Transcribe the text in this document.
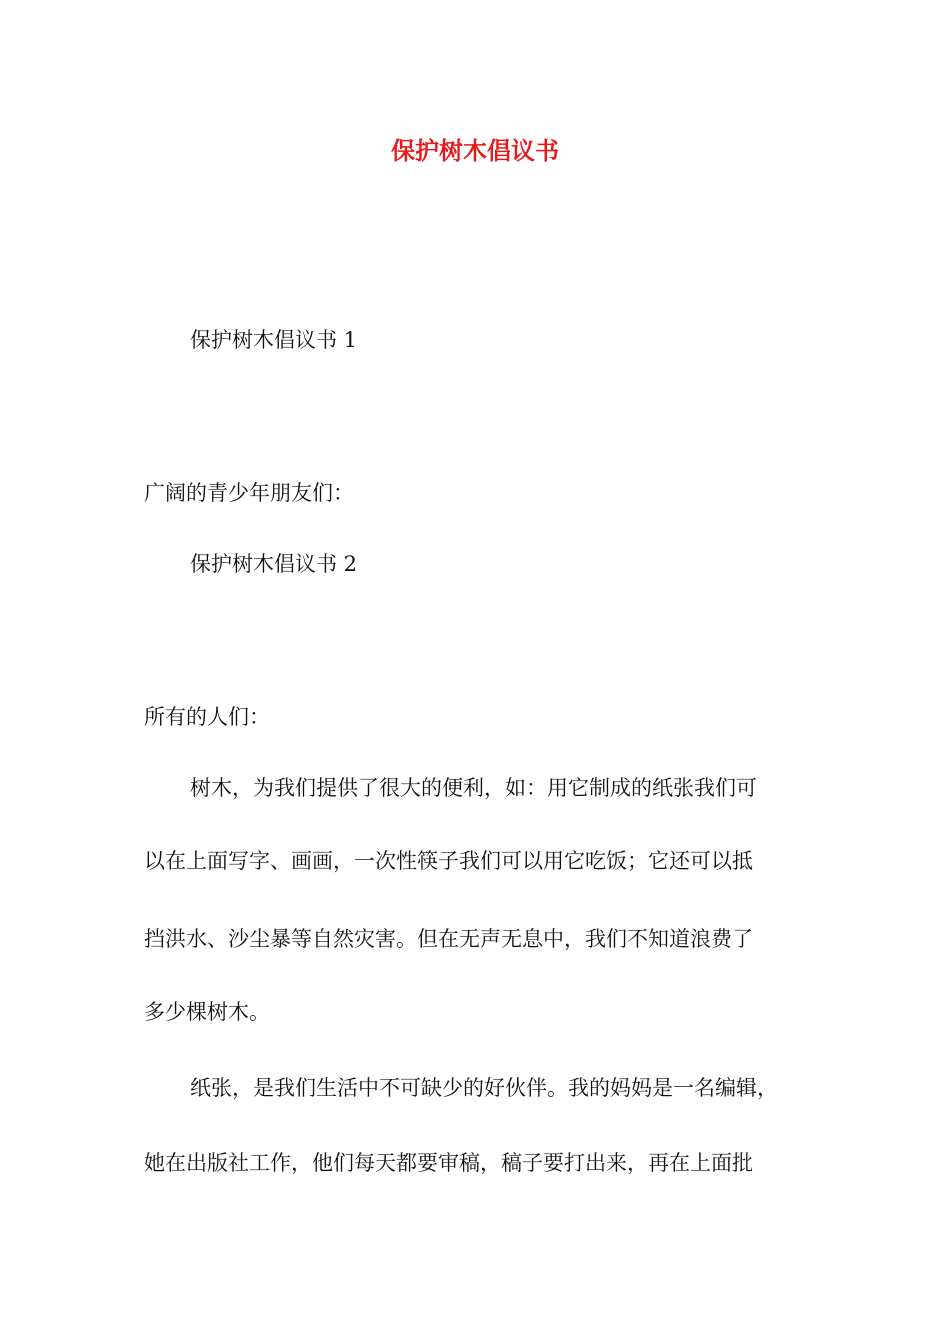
保护树木倡议书

保护树木倡议书 1

广阔的青少年朋友们：

保护树木倡议书 2

所有的人们：

树木，为我们提供了很大的便利，如：用它制成的纸张我们可

以在上面写字、画画，一次性筷子我们可以用它吃饭；它还可以抵

挡洪水、沙尘暴等自然灾害。但在无声无息中，我们不知道浪费了

多少棵树木。

纸张，是我们生活中不可缺少的好伙伴。我的妈妈是一名编辑，

她在出版社工作，他们每天都要审稿，稿子要打出来，再在上面批
